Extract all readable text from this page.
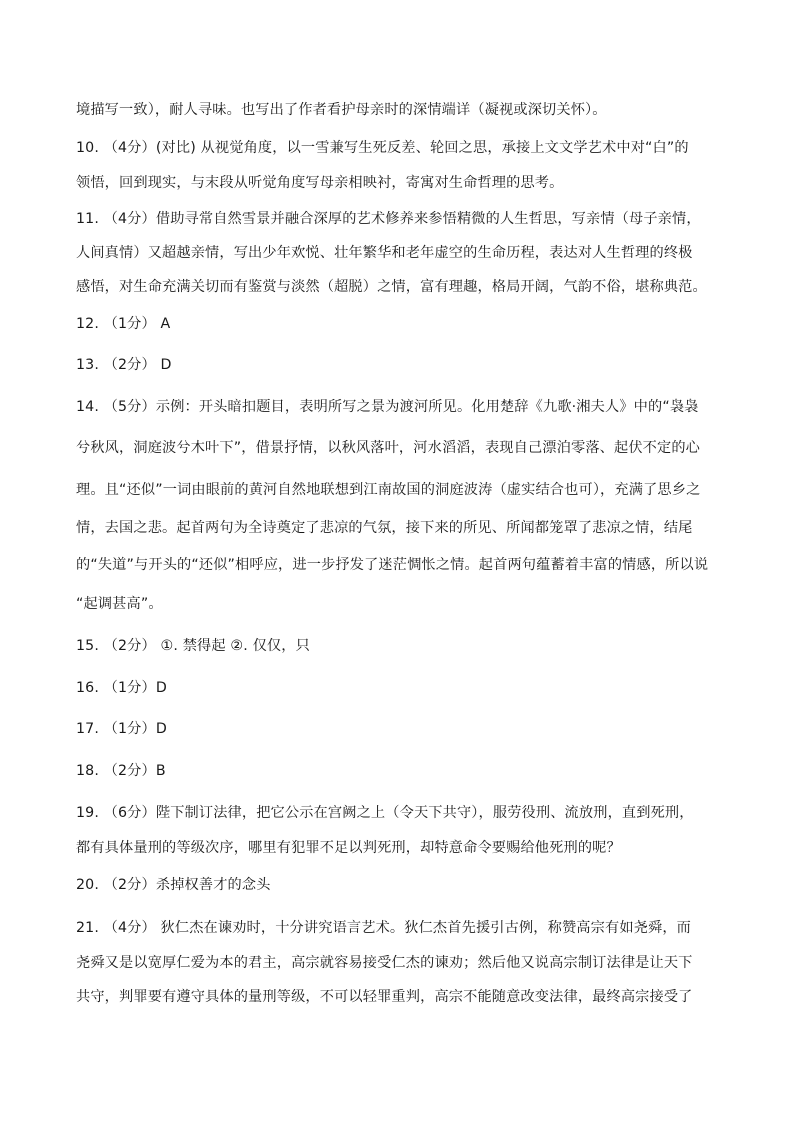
境描写一致），耐人寻味。也写出了作者看护母亲时的深情端详（凝视或深切关怀）。
10. （4分）(对比) 从视觉角度，以一雪兼写生死反差、轮回之思，承接上文文学艺术中对“白”的
领悟，回到现实，与末段从听觉角度写母亲相映衬，寄寓对生命哲理的思考。
11. （4分）借助寻常自然雪景并融合深厚的艺术修养来参悟精微的人生哲思，写亲情（母子亲情，
人间真情）又超越亲情，写出少年欢悦、壮年繁华和老年虚空的生命历程，表达对人生哲理的终极
感悟，对生命充满关切而有鉴赏与淡然（超脱）之情，富有理趣，格局开阔，气韵不俗，堪称典范。
12. （1分） A
13. （2分） D
14. （5分）示例：开头暗扣题目，表明所写之景为渡河所见。化用楚辞《九歌·湘夫人》中的“袅袅
兮秋风，洞庭波兮木叶下”，借景抒情，以秋风落叶，河水滔滔，表现自己漂泊零落、起伏不定的心
理。且“还似”一词由眼前的黄河自然地联想到江南故国的洞庭波涛（虚实结合也可），充满了思乡之
情，去国之悲。起首两句为全诗奠定了悲凉的气氛，接下来的所见、所闻都笼罩了悲凉之情，结尾
的“失道”与开头的“还似”相呼应，进一步抒发了迷茫惆怅之情。起首两句蕴蓄着丰富的情感，所以说
“起调甚高”。
15. （2分） ①. 禁得起 ②. 仅仅，只
16. （1分）D
17. （1分）D
18. （2分）B
19. （6分）陛下制订法律，把它公示在宫阙之上（令天下共守），服劳役刑、流放刑，直到死刑，
都有具体量刑的等级次序，哪里有犯罪不足以判死刑，却特意命令要赐给他死刑的呢？
20. （2分）杀掉权善才的念头
21. （4分） 狄仁杰在谏劝时，十分讲究语言艺术。狄仁杰首先援引古例，称赞高宗有如尧舜，而
尧舜又是以宽厚仁爱为本的君主，高宗就容易接受仁杰的谏劝；然后他又说高宗制订法律是让天下
共守，判罪要有遵守具体的量刑等级，不可以轻罪重判，高宗不能随意改变法律，最终高宗接受了
